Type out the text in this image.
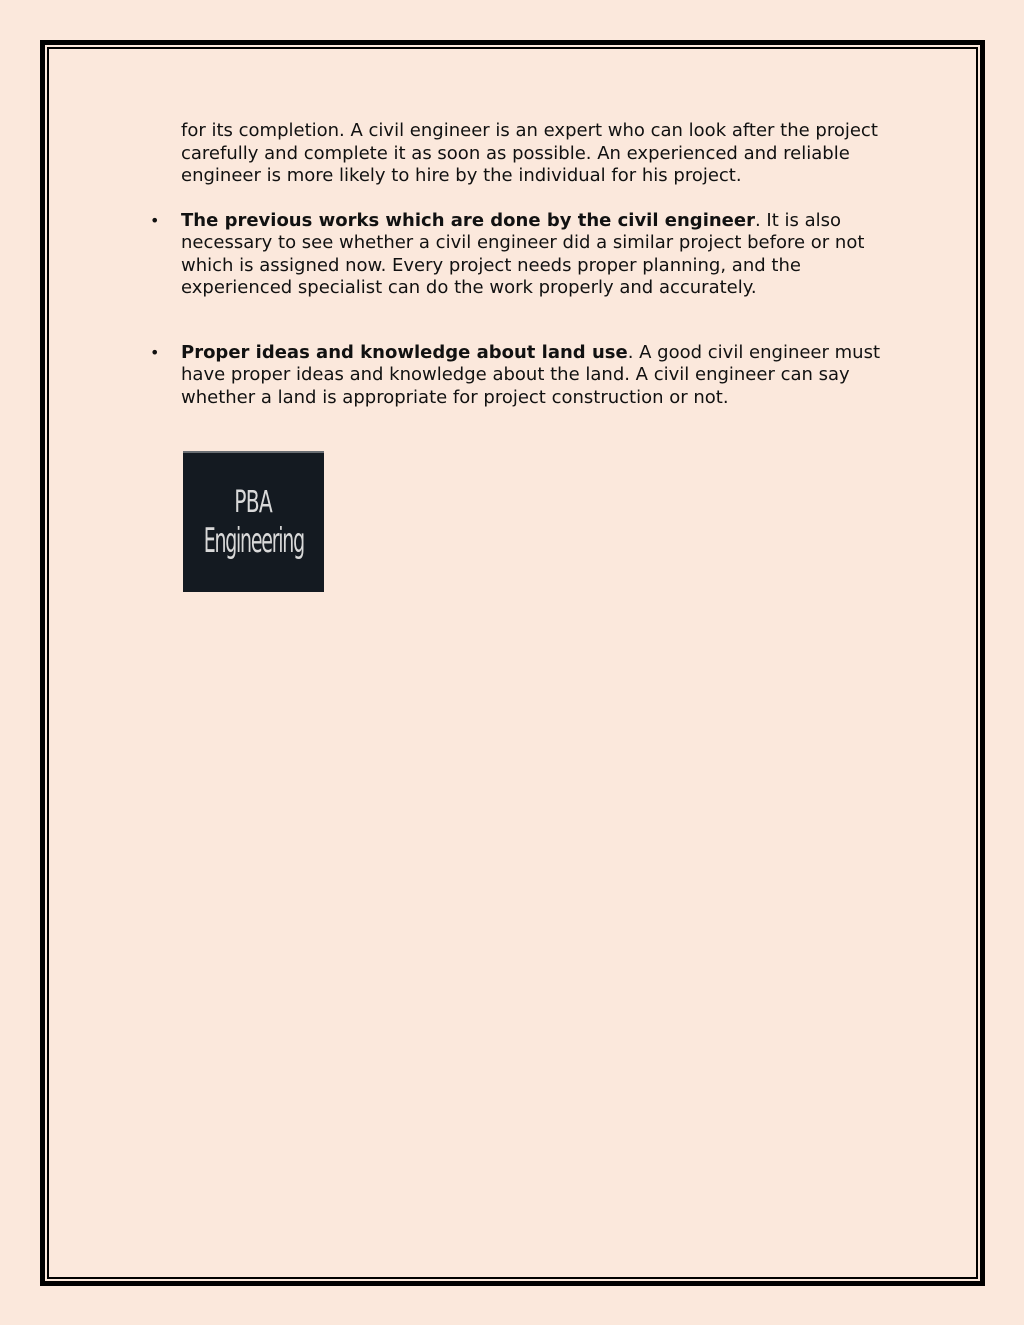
for its completion. A civil engineer is an expert who can look after the project carefully and complete it as soon as possible. An experienced and reliable engineer is more likely to hire by the individual for his project.

• The previous works which are done by the civil engineer. It is also necessary to see whether a civil engineer did a similar project before or not which is assigned now. Every project needs proper planning, and the experienced specialist can do the work properly and accurately.

• Proper ideas and knowledge about land use. A good civil engineer must have proper ideas and knowledge about the land. A civil engineer can say whether a land is appropriate for project construction or not.

PBA
Engineering
